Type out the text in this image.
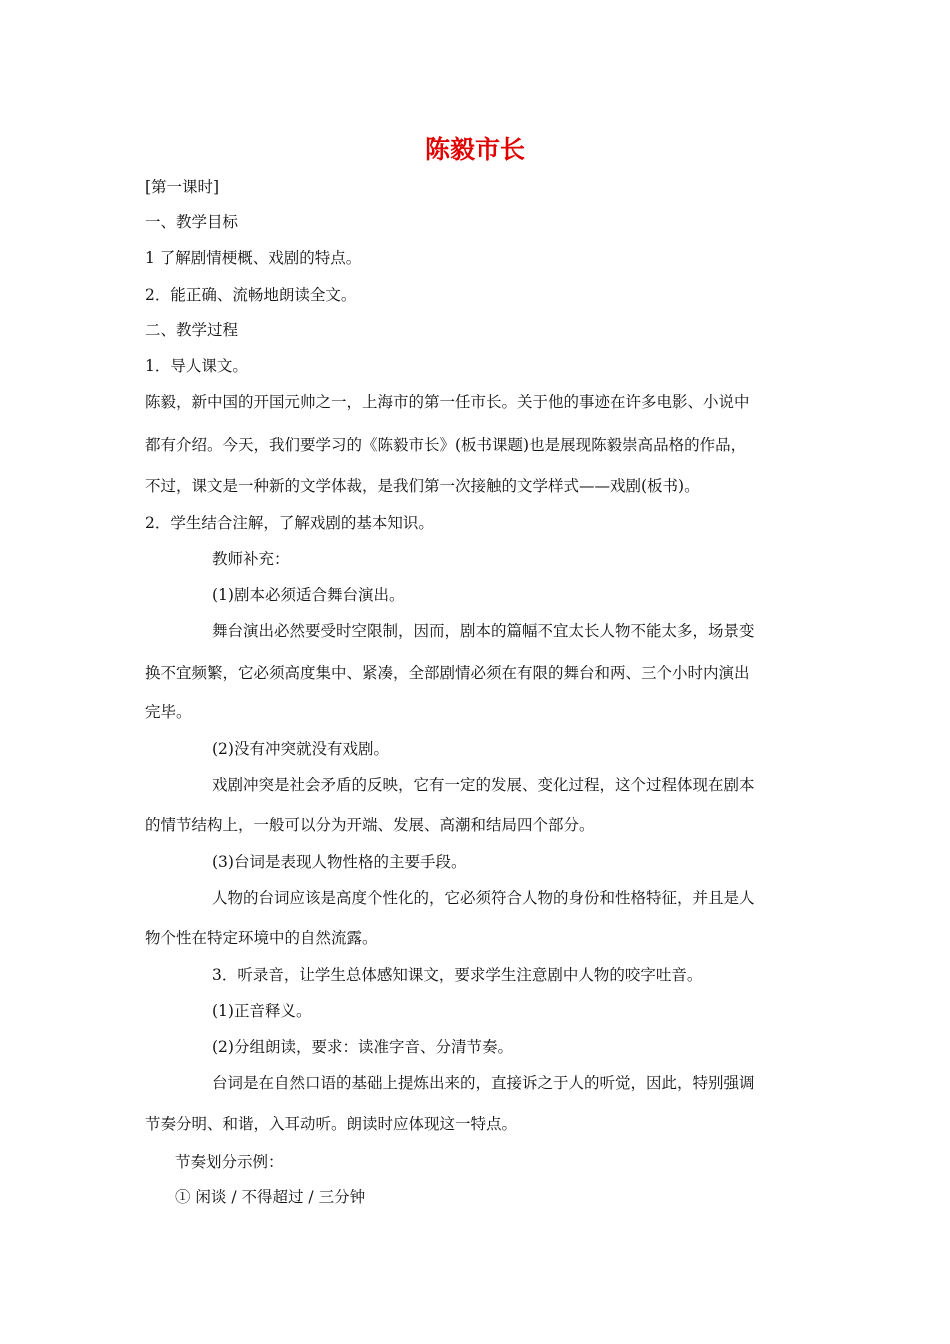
陈毅市长
[第一课时]
一、教学目标
1 了解剧情梗概、戏剧的特点。
2．能正确、流畅地朗读全文。
二、教学过程
1．导人课文。
陈毅，新中国的开国元帅之一，上海市的第一任市长。关于他的事迹在许多电影、小说中
都有介绍。今天，我们要学习的《陈毅市长》(板书课题)也是展现陈毅崇高品格的作品，
不过，课文是一种新的文学体裁，是我们第一次接触的文学样式——戏剧(板书)。
2．学生结合注解，了解戏剧的基本知识。
教师补充：
(1)剧本必须适合舞台演出。
舞台演出必然要受时空限制，因而，剧本的篇幅不宜太长人物不能太多，场景变
换不宜频繁，它必须高度集中、紧凑，全部剧情必须在有限的舞台和两、三个小时内演出
完毕。
(2)没有冲突就没有戏剧。
戏剧冲突是社会矛盾的反映，它有一定的发展、变化过程，这个过程体现在剧本
的情节结构上，一般可以分为开端、发展、高潮和结局四个部分。
(3)台词是表现人物性格的主要手段。
人物的台词应该是高度个性化的，它必须符合人物的身份和性格特征，并且是人
物个性在特定环境中的自然流露。
3．听录音，让学生总体感知课文，要求学生注意剧中人物的咬字吐音。
(1)正音释义。
(2)分组朗读，要求：读准字音、分清节奏。
台词是在自然口语的基础上提炼出来的，直接诉之于人的听觉，因此，特别强调
节奏分明、和谐，入耳动听。朗读时应体现这一特点。
节奏划分示例：
① 闲谈 / 不得超过 / 三分钟
